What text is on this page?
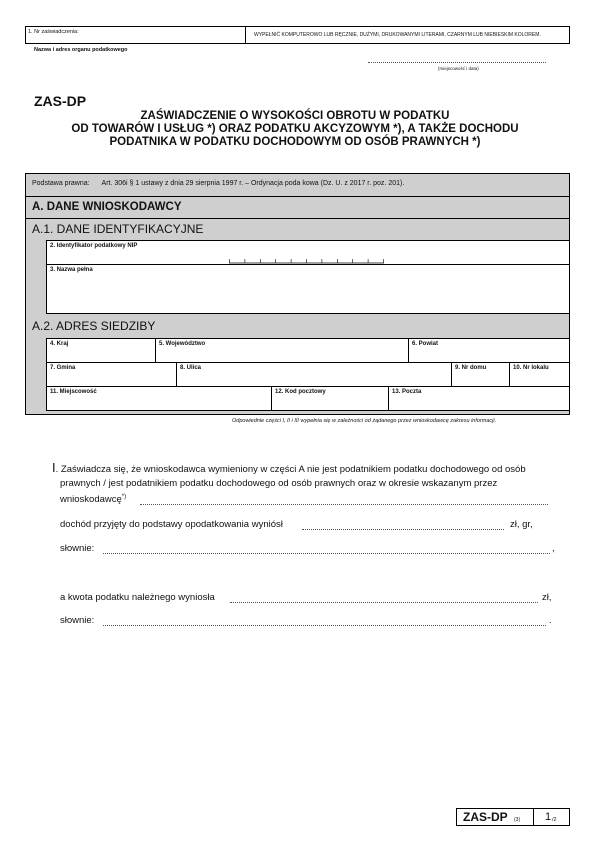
1. Nr zaświadczenia:	WYPEŁNIĆ KOMPUTEROWO LUB RĘCZNIE, DUŻYMI, DRUKOWANYMI LITERAMI, CZARNYM LUB NIEBIESKIM KOLOREM.
Nazwa i adres organu podatkowego
(miejscowość i data)
ZAS-DP
ZAŚWIADCZENIE O WYSOKOŚCI OBROTU W PODATKU
OD TOWARÓW I USŁUG *) ORAZ PODATKU AKCYZOWYM *), A TAKŻE DOCHODU
PODATNIKA W PODATKU DOCHODOWYM OD OSÓB PRAWNYCH *)
Podstawa prawna: Art. 306i § 1 ustawy z dnia 29 sierpnia 1997 r. – Ordynacja poda kowa (Dz. U. z 2017 r. poz. 201).
A. DANE WNIOSKODAWCY
A.1. DANE IDENTYFIKACYJNE
2. Identyfikator podatkowy NIP
3. Nazwa pełna
A.2. ADRES SIEDZIBY
4. Kraj	5. Województwo	6. Powiat
7. Gmina	8. Ulica	9. Nr domu	10. Nr lokalu
11. Miejscowość	12. Kod pocztowy	13. Poczta
Odpowiednie części I, II i III wypełnia się w zależności od żądanego przez wnioskodawcę zakresu informacji.
I. Zaświadcza się, że wnioskodawca wymieniony w części A nie jest podatnikiem podatku dochodowego od osób
prawnych / jest podatnikiem podatku dochodowego od osób prawnych oraz w okresie wskazanym przez
wnioskodawcę*)
dochód przyjęty do podstawy opodatkowania wyniósł	zł, gr,
słownie:	,
a kwota podatku należnego wyniosła	zł,
słownie:	.
ZAS-DP (3) 1 /2
